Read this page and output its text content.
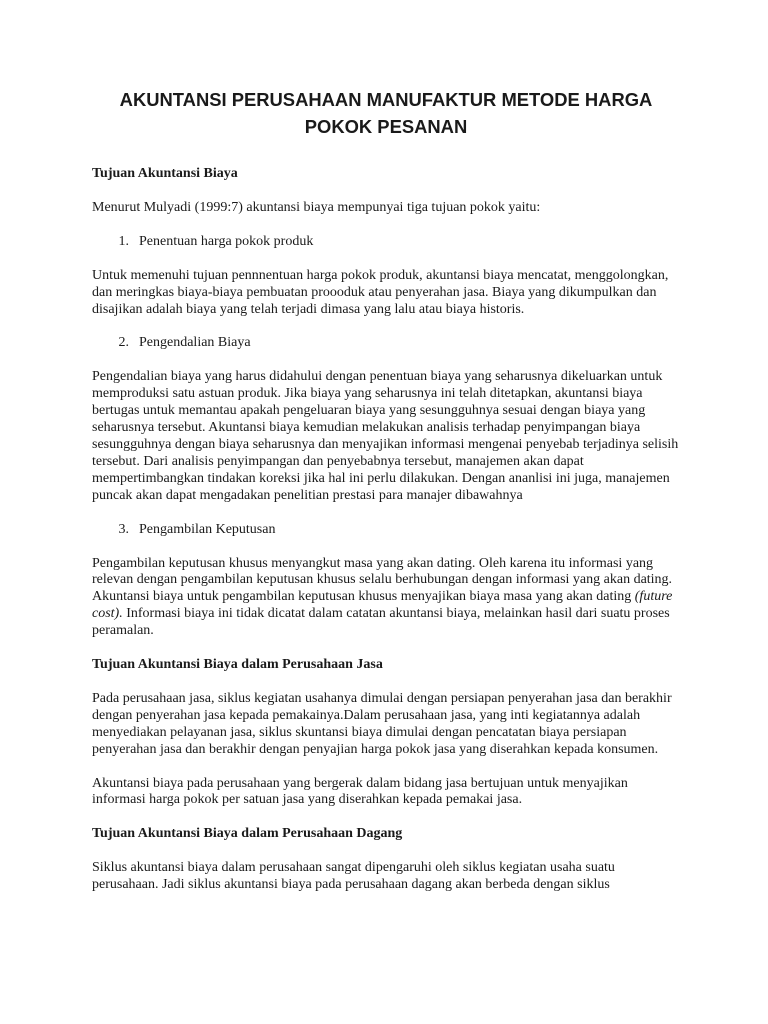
AKUNTANSI PERUSAHAAN MANUFAKTUR METODE HARGA POKOK PESANAN
Tujuan Akuntansi Biaya

Menurut Mulyadi (1999:7) akuntansi biaya mempunyai tiga tujuan pokok yaitu:

1. Penentuan harga pokok produk

Untuk memenuhi tujuan pennnentuan harga pokok produk, akuntansi biaya mencatat, menggolongkan, dan meringkas biaya-biaya pembuatan proooduk atau penyerahan jasa. Biaya yang dikumpulkan dan disajikan adalah biaya yang telah terjadi dimasa yang lalu atau biaya historis.

2. Pengendalian Biaya

Pengendalian biaya yang harus didahului dengan penentuan biaya yang seharusnya dikeluarkan untuk memproduksi satu astuan produk. Jika biaya yang seharusnya ini telah ditetapkan, akuntansi biaya bertugas untuk memantau apakah pengeluaran biaya yang sesungguhnya sesuai dengan biaya yang seharusnya tersebut. Akuntansi biaya kemudian melakukan analisis terhadap penyimpangan biaya sesungguhnya dengan biaya seharusnya dan menyajikan informasi mengenai penyebab terjadinya selisih tersebut. Dari analisis penyimpangan dan penyebabnya tersebut, manajemen akan dapat mempertimbangkan tindakan koreksi jika hal ini perlu dilakukan. Dengan ananlisi ini juga, manajemen puncak akan dapat mengadakan penelitian prestasi para manajer dibawahnya

3. Pengambilan Keputusan

Pengambilan keputusan khusus menyangkut masa yang akan dating. Oleh karena itu informasi yang relevan dengan pengambilan keputusan khusus selalu berhubungan dengan informasi yang akan dating. Akuntansi biaya untuk pengambilan keputusan khusus menyajikan biaya masa yang akan dating (future cost). Informasi biaya ini tidak dicatat dalam catatan akuntansi biaya, melainkan hasil dari suatu proses peramalan.

Tujuan Akuntansi Biaya dalam Perusahaan Jasa

Pada perusahaan jasa, siklus kegiatan usahanya dimulai dengan persiapan penyerahan jasa dan berakhir dengan penyerahan jasa kepada pemakainya.Dalam perusahaan jasa, yang inti kegiatannya adalah menyediakan pelayanan jasa, siklus skuntansi biaya dimulai dengan pencatatan biaya persiapan penyerahan jasa dan berakhir dengan penyajian harga pokok jasa yang diserahkan kepada konsumen.

Akuntansi biaya pada perusahaan yang bergerak dalam bidang jasa bertujuan untuk menyajikan informasi harga pokok per satuan jasa yang diserahkan kepada pemakai jasa.

Tujuan Akuntansi Biaya dalam Perusahaan Dagang

Siklus akuntansi biaya dalam perusahaan sangat dipengaruhi oleh siklus kegiatan usaha suatu perusahaan. Jadi siklus akuntansi biaya pada perusahaan dagang akan berbeda dengan siklus
